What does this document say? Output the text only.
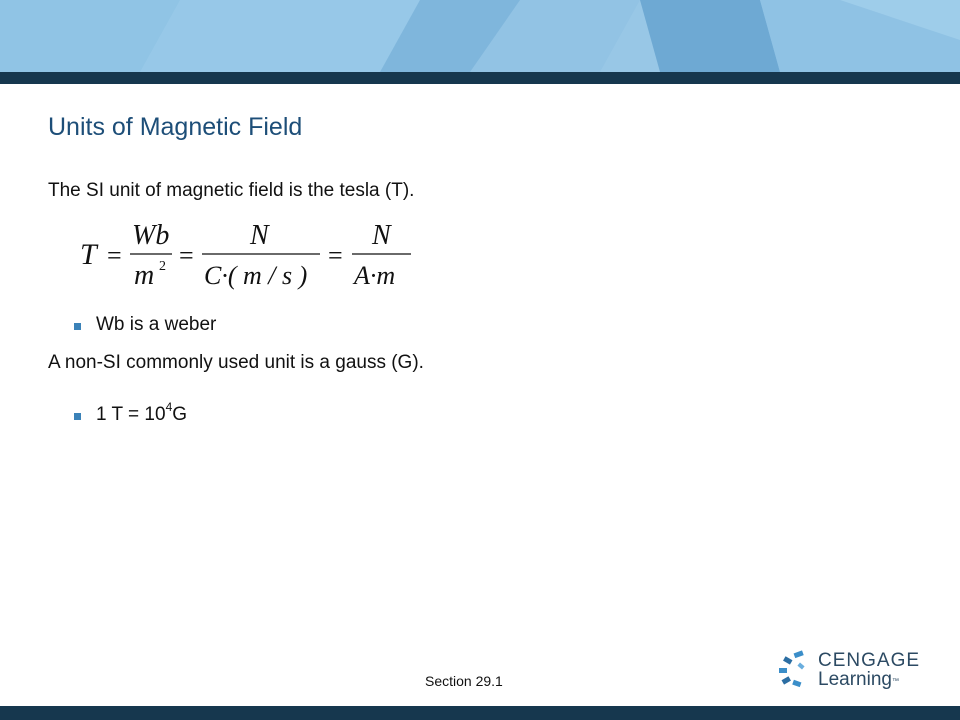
Units of Magnetic Field
The SI unit of magnetic field is the tesla (T).
T =
Wb
m 2 =
N
C·( m / s )
=
N
A·m
Wb is a weber
A non-SI commonly used unit is a gauss (G).
1 T = 10 4 G
Section 29.1
CENGAGE
Learning™
